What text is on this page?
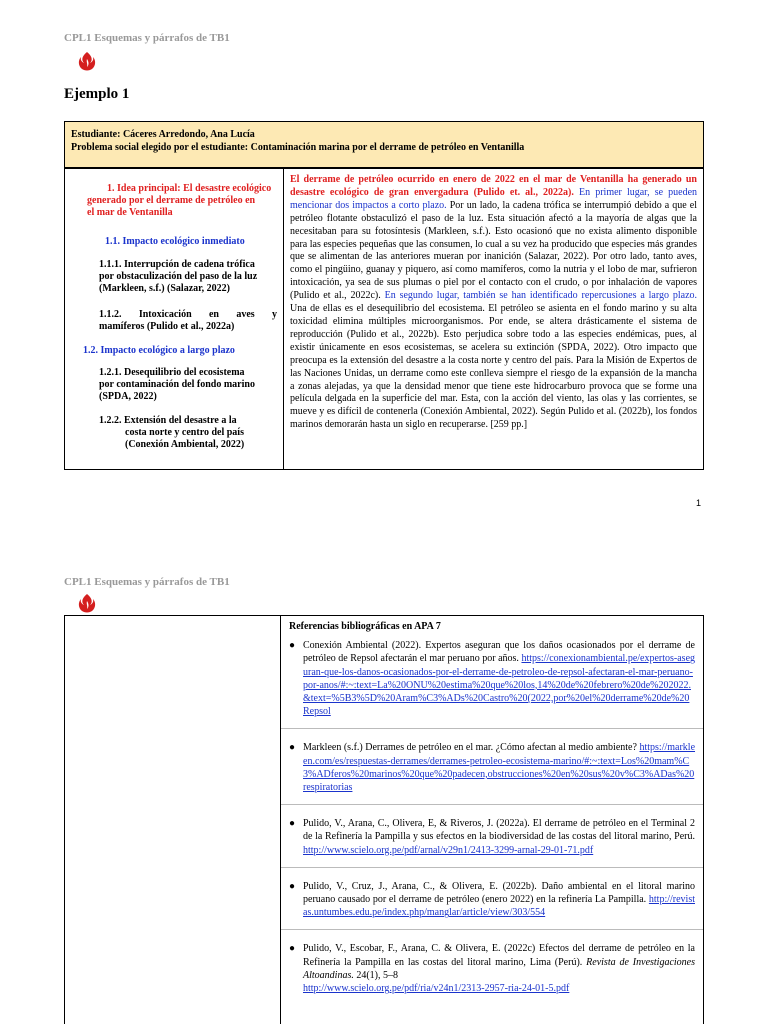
CPL1 Esquemas y párrafos de TB1
Ejemplo 1
Estudiante: Cáceres Arredondo, Ana Lucía
Problema social elegido por el estudiante: Contaminación marina por el derrame de petróleo en Ventanilla
1. Idea principal: El desastre ecológico
generado por el derrame de petróleo en
el mar de Ventanilla
1.1. Impacto ecológico inmediato
1.1.1. Interrupción de cadena trófica
por obstaculización del paso de la luz
(Markleen, s.f.) (Salazar, 2022)
1.1.2. Intoxicación en aves y
mamíferos (Pulido et al., 2022a)
1.2. Impacto ecológico a largo plazo
1.2.1. Desequilibrio del ecosistema
por contaminación del fondo marino
(SPDA, 2022)
1.2.2. Extensión del desastre a la
costa norte y centro del país
(Conexión Ambiental, 2022)
El derrame de petróleo ocurrido en enero de 2022 en el mar de Ventanilla ha generado un desastre ecológico de gran envergadura (Pulido et. al., 2022a). En primer lugar, se pueden mencionar dos impactos a corto plazo. Por un lado, la cadena trófica se interrumpió debido a que el petróleo flotante obstaculizó el paso de la luz. Esta situación afectó a la mayoría de algas que la necesitaban para su fotosíntesis (Markleen, s.f.). Esto ocasionó que no exista alimento disponible para las especies pequeñas que las consumen, lo cual a su vez ha producido que especies más grandes que se alimentan de las anteriores mueran por inanición (Salazar, 2022). Por otro lado, tanto aves, como el pingüino, guanay y piquero, así como mamíferos, como la nutria y el lobo de mar, sufrieron intoxicación, ya sea de sus plumas o piel por el contacto con el crudo, o por inhalación de vapores (Pulido et al., 2022c). En segundo lugar, también se han identificado repercusiones a largo plazo. Una de ellas es el desequilibrio del ecosistema. El petróleo se asienta en el fondo marino y su alta toxicidad elimina múltiples microorganismos. Por ende, se altera drásticamente el sistema de reproducción (Pulido et al., 2022b). Esto perjudica sobre todo a las especies endémicas, pues, al existir únicamente en esos ecosistemas, se acelera su extinción (SPDA, 2022). Otro impacto que preocupa es la extensión del desastre a la costa norte y centro del país. Para la Misión de Expertos de las Naciones Unidas, un derrame como este conlleva siempre el riesgo de la expansión de la mancha a zonas alejadas, ya que la densidad menor que tiene este hidrocarburo provoca que se forme una película delgada en la superficie del mar. Esta, con la acción del viento, las olas y las corrientes, se mueve y es difícil de contenerla (Conexión Ambiental, 2022). Según Pulido et al. (2022b), los fondos marinos demorarán hasta un siglo en recuperarse. [259 pp.]
1
CPL1 Esquemas y párrafos de TB1
Referencias bibliográficas en APA 7
● Conexión Ambiental (2022). Expertos aseguran que los daños ocasionados por el derrame de petróleo de Repsol afectarán el mar peruano por años. https://conexionambiental.pe/expertos-aseguran-que-los-danos-ocasionados-por-el-derrame-de-petroleo-de-repsol-afectaran-el-mar-peruano-por-anos/#:~:text=La%20ONU%20estima%20que%20los,14%20de%20febrero%20de%202022.&text=%5B3%5D%20Aram%C3%ADs%20Castro%20(2022,por%20el%20derrame%20de%20Repsol
● Markleen (s.f.) Derrames de petróleo en el mar. ¿Cómo afectan al medio ambiente? https://markleen.com/es/respuestas-derrames/derrames-petroleo-ecosistema-marino/#:~:text=Los%20mam%C3%ADferos%20marinos%20que%20padecen,obstrucciones%20en%20sus%20v%C3%ADas%20respiratorias
● Pulido, V., Arana, C., Olivera, E, & Riveros, J. (2022a). El derrame de petróleo en el Terminal 2 de la Refinería la Pampilla y sus efectos en la biodiversidad de las costas del litoral marino, Perú. http://www.scielo.org.pe/pdf/arnal/v29n1/2413-3299-arnal-29-01-71.pdf
● Pulido, V., Cruz, J., Arana, C., & Olivera, E. (2022b). Daño ambiental en el litoral marino peruano causado por el derrame de petróleo (enero 2022) en la refinería La Pampilla. http://revistas.untumbes.edu.pe/index.php/manglar/article/view/303/554
● Pulido, V., Escobar, F., Arana, C. & Olivera, E. (2022c) Efectos del derrame de petróleo en la Refinería la Pampilla en las costas del litoral marino, Lima (Perú). Revista de Investigaciones Altoandinas. 24(1), 5–8
http://www.scielo.org.pe/pdf/ria/v24n1/2313-2957-ria-24-01-5.pdf
